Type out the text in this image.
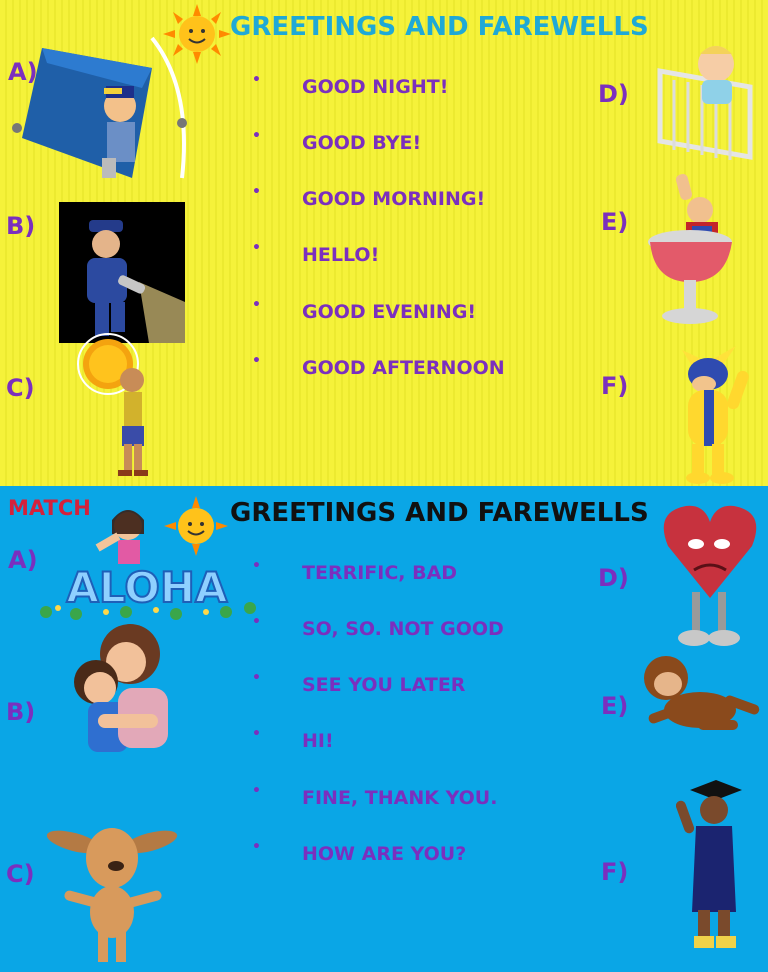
GREETINGS AND FAREWELLS
A)
B)
C)
D)
E)
F)
• GOOD NIGHT!
• GOOD BYE!
• GOOD MORNING!
• HELLO!
• GOOD EVENING!
• GOOD AFTERNOON
MATCH	GREETINGS AND FAREWELLS
ALOHA
A)
B)
C)
D)
E)
F)
• TERRIFIC, BAD
• SO, SO. NOT GOOD
• SEE YOU LATER
• HI!
• FINE, THANK YOU.
• HOW ARE YOU?
